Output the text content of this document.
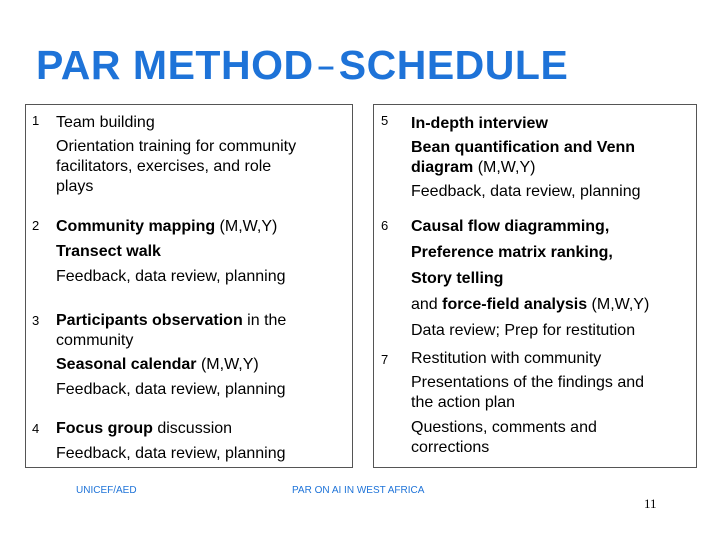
PAR METHOD –SCHEDULE
1 Team building
Orientation training for community
facilitators, exercises, and role
plays
2 Community mapping (M,W,Y)
Transect walk
Feedback, data review, planning
3 Participants observation in the
community
Seasonal calendar (M,W,Y)
Feedback, data review, planning
4 Focus group discussion
Feedback, data review, planning
5 In-depth interview
Bean quantification and Venn
diagram (M,W,Y)
Feedback, data review, planning
6 Causal flow diagramming,
Preference matrix ranking,
Story telling
and force-field analysis (M,W,Y)
Data review; Prep for restitution
7 Restitution with community
Presentations of the findings and
the action plan
Questions, comments and
corrections
UNICEF/AED	PAR ON AI IN WEST AFRICA
11
